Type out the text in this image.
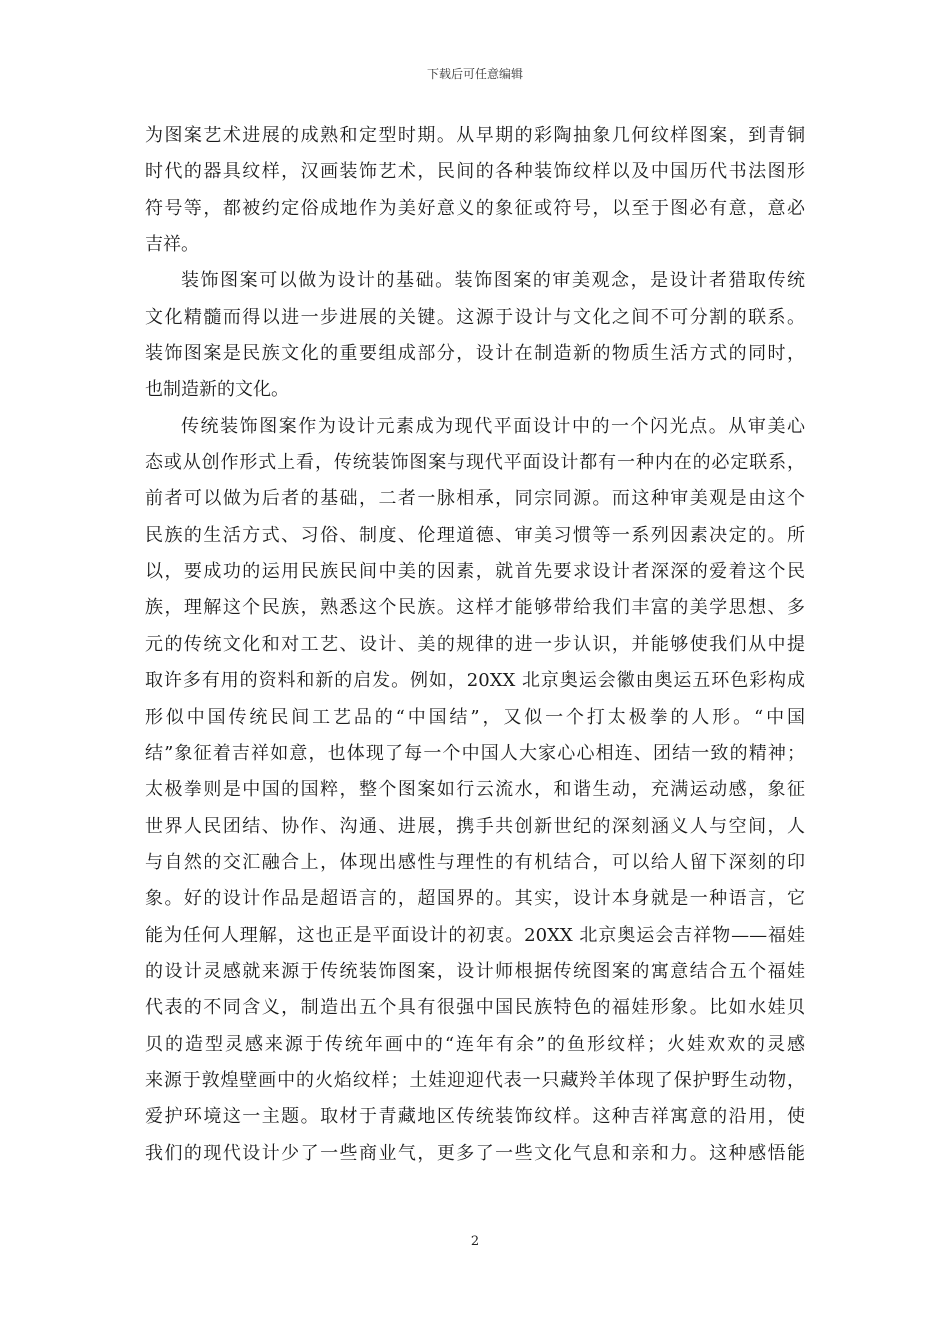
下载后可任意编辑
为图案艺术进展的成熟和定型时期。从早期的彩陶抽象几何纹样图案，到青铜
时代的器具纹样，汉画装饰艺术，民间的各种装饰纹样以及中国历代书法图形
符号等，都被约定俗成地作为美好意义的象征或符号，以至于图必有意，意必
吉祥。
装饰图案可以做为设计的基础。装饰图案的审美观念，是设计者猎取传统
文化精髓而得以进一步进展的关键。这源于设计与文化之间不可分割的联系。
装饰图案是民族文化的重要组成部分，设计在制造新的物质生活方式的同时，
也制造新的文化。
传统装饰图案作为设计元素成为现代平面设计中的一个闪光点。从审美心
态或从创作形式上看，传统装饰图案与现代平面设计都有一种内在的必定联系，
前者可以做为后者的基础，二者一脉相承，同宗同源。而这种审美观是由这个
民族的生活方式、习俗、制度、伦理道德、审美习惯等一系列因素决定的。所
以，要成功的运用民族民间中美的因素，就首先要求设计者深深的爱着这个民
族，理解这个民族，熟悉这个民族。这样才能够带给我们丰富的美学思想、多
元的传统文化和对工艺、设计、美的规律的进一步认识，并能够使我们从中提
取许多有用的资料和新的启发。例如，20XX 北京奥运会徽由奥运五环色彩构成
形似中国传统民间工艺品的“中国结”，又似一个打太极拳的人形。“中国
结”象征着吉祥如意，也体现了每一个中国人大家心心相连、团结一致的精神；
太极拳则是中国的国粹，整个图案如行云流水，和谐生动，充满运动感，象征
世界人民团结、协作、沟通、进展，携手共创新世纪的深刻涵义人与空间，人
与自然的交汇融合上，体现出感性与理性的有机结合，可以给人留下深刻的印
象。好的设计作品是超语言的，超国界的。其实，设计本身就是一种语言，它
能为任何人理解，这也正是平面设计的初衷。20XX 北京奥运会吉祥物——福娃
的设计灵感就来源于传统装饰图案，设计师根据传统图案的寓意结合五个福娃
代表的不同含义，制造出五个具有很强中国民族特色的福娃形象。比如水娃贝
贝的造型灵感来源于传统年画中的“连年有余”的鱼形纹样；火娃欢欢的灵感
来源于敦煌壁画中的火焰纹样；土娃迎迎代表一只藏羚羊体现了保护野生动物，
爱护环境这一主题。取材于青藏地区传统装饰纹样。这种吉祥寓意的沿用，使
我们的现代设计少了一些商业气，更多了一些文化气息和亲和力。这种感悟能
2
